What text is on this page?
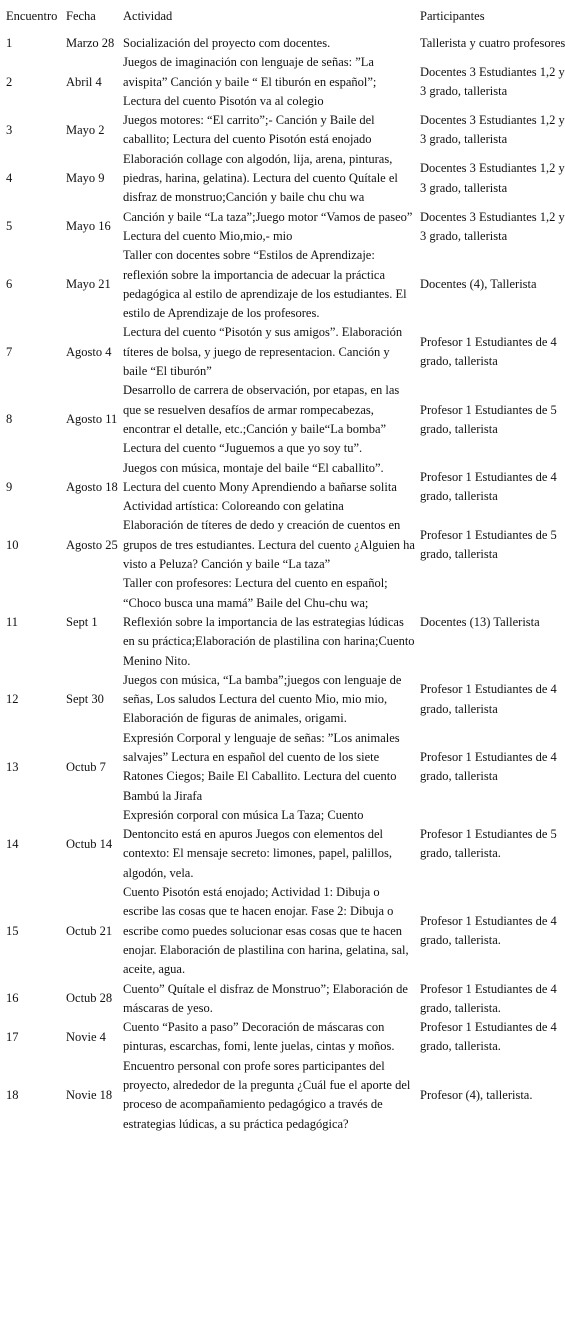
Encuentro	Fecha	Actividad	Participantes
1	Marzo 28	Socialización del proyecto com docentes.	Tallerista y cuatro profesores
2	Abril 4	Juegos de imaginación con lenguaje de señas: ”La avispita” Canción y baile “ El tiburón en español”; Lectura del cuento Pisotón va al colegio	Docentes 3 Estudiantes 1,2 y 3 grado, tallerista
3	Mayo 2	Juegos motores: “El carrito”;- Canción y Baile del caballito; Lectura del cuento Pisotón está enojado	Docentes 3 Estudiantes 1,2 y 3 grado, tallerista
4	Mayo 9	Elaboración collage con algodón, lija, arena, pinturas, piedras, harina, gelatina). Lectura del cuento Quítale el disfraz de monstruo;Canción y baile chu chu wa	Docentes 3 Estudiantes 1,2 y 3 grado, tallerista
5	Mayo 16	Canción y baile “La taza”;Juego motor “Vamos de paseo” Lectura del cuento Mio,mio,- mio	Docentes 3 Estudiantes 1,2 y 3 grado, tallerista
6	Mayo 21	Taller con docentes sobre “Estilos de Aprendizaje: reflexión sobre la importancia de adecuar la práctica pedagógica al estilo de aprendizaje de los estudiantes. El estilo de Aprendizaje de los profesores.	Docentes (4), Tallerista
7	Agosto 4	Lectura del cuento “Pisotón y sus amigos”. Elaboración títeres de bolsa, y juego de representacion. Canción y baile “El tiburón”	Profesor 1 Estudiantes de 4 grado, tallerista
8	Agosto 11	Desarrollo de carrera de observación, por etapas, en las que se resuelven desafíos de armar rompecabezas, encontrar el detalle, etc.;Canción y baile“La bomba” Lectura del cuento “Juguemos a que yo soy tu”.	Profesor 1 Estudiantes de 5 grado, tallerista
9	Agosto 18	Juegos con música, montaje del baile “El caballito”. Lectura del cuento Mony Aprendiendo a bañarse solita Actividad artística: Coloreando con gelatina	Profesor 1 Estudiantes de 4 grado, tallerista
10	Agosto 25	Elaboración de títeres de dedo y creación de cuentos en grupos de tres estudiantes. Lectura del cuento ¿Alguien ha visto a Peluza? Canción y baile “La taza”	Profesor 1 Estudiantes de 5 grado, tallerista
11	Sept 1	Taller con profesores: Lectura del cuento en español; “Choco busca una mamá” Baile del Chu-chu wa; Reflexión sobre la importancia de las estrategias lúdicas en su práctica;Elaboración de plastilina con harina;Cuento Menino Nito.	Docentes (13) Tallerista
12	Sept 30	Juegos con música, “La bamba”;juegos con lenguaje de señas, Los saludos Lectura del cuento Mio, mio mio, Elaboración de figuras de animales, origami.	Profesor 1 Estudiantes de 4 grado, tallerista
13	Octub 7	Expresión Corporal y lenguaje de señas: ”Los animales salvajes” Lectura en español del cuento de los siete Ratones Ciegos; Baile El Caballito. Lectura del cuento Bambú la Jirafa	Profesor 1 Estudiantes de 4 grado, tallerista
14	Octub 14	Expresión corporal con música La Taza; Cuento Dentoncito está en apuros Juegos con elementos del contexto: El mensaje secreto: limones, papel, palillos, algodón, vela.	Profesor 1 Estudiantes de 5 grado, tallerista.
15	Octub 21	Cuento Pisotón está enojado; Actividad 1: Dibuja o escribe las cosas que te hacen enojar. Fase 2: Dibuja o escribe como puedes solucionar esas cosas que te hacen enojar. Elaboración de plastilina con harina, gelatina, sal, aceite, agua.	Profesor 1 Estudiantes de 4 grado, tallerista.
16	Octub 28	Cuento” Quítale el disfraz de Monstruo”; Elaboración de máscaras de yeso.	Profesor 1 Estudiantes de 4 grado, tallerista.
17	Novie 4	Cuento “Pasito a paso” Decoración de máscaras con pinturas, escarchas, fomi, lente juelas, cintas y moños.	Profesor 1 Estudiantes de 4 grado, tallerista.
18	Novie 18	Encuentro personal con profe sores participantes del proyecto, alrededor de la pregunta ¿Cuál fue el aporte del proceso de acompañamiento pedagógico a través de estrategias lúdicas, a su práctica pedagógica?	Profesor (4), tallerista.
